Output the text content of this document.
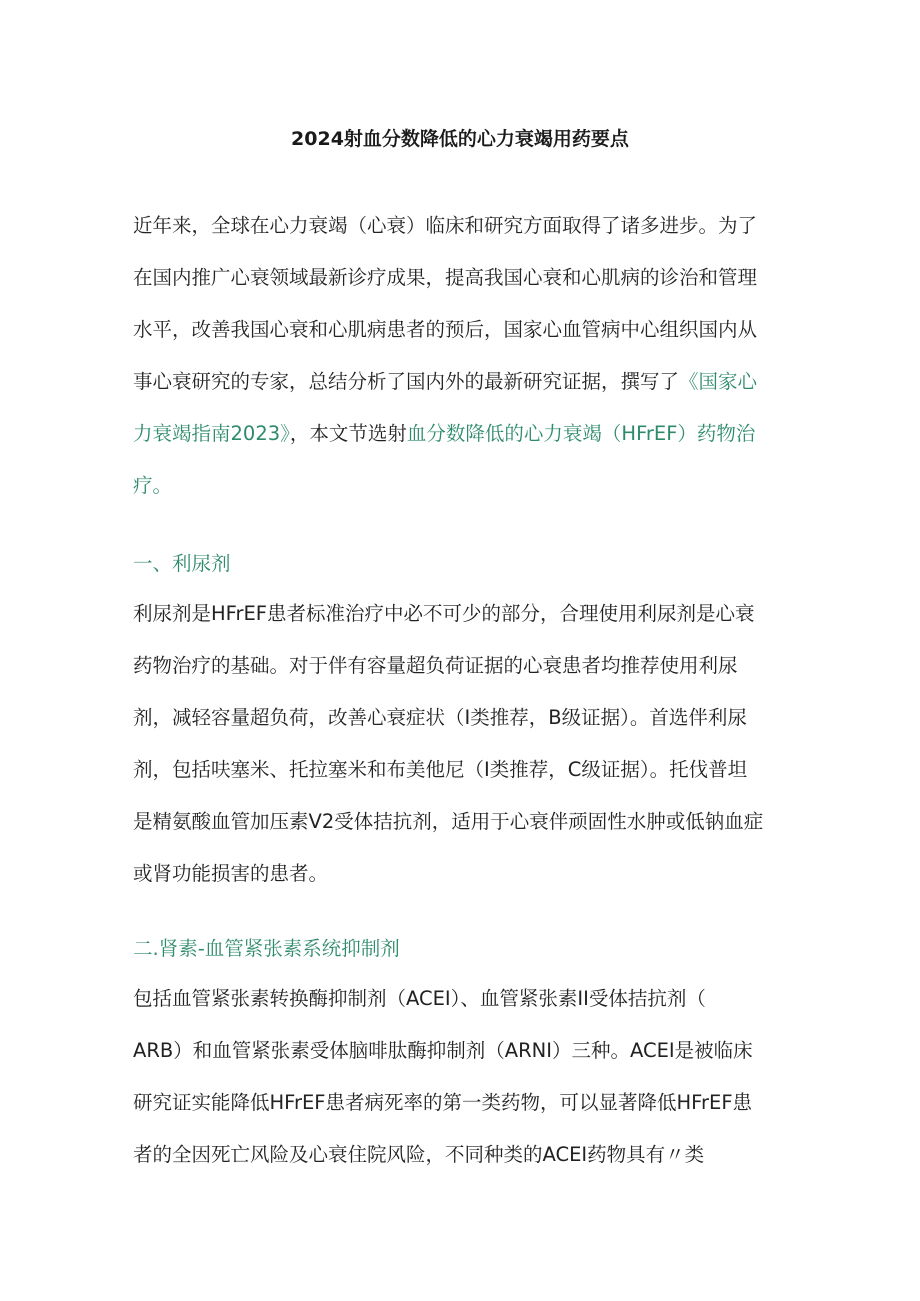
2024射血分数降低的心力衰竭用药要点
近年来，全球在心力衰竭（心衰）临床和研究方面取得了诸多进步。为了
在国内推广心衰领域最新诊疗成果，提高我国心衰和心肌病的诊治和管理
水平，改善我国心衰和心肌病患者的预后，国家心血管病中心组织国内从
事心衰研究的专家，总结分析了国内外的最新研究证据，撰写了《国家心
力衰竭指南2023》，本文节选射血分数降低的心力衰竭（HFrEF）药物治
疗。
一、利尿剂
利尿剂是HFrEF患者标准治疗中必不可少的部分，合理使用利尿剂是心衰
药物治疗的基础。对于伴有容量超负荷证据的心衰患者均推荐使用利尿
剂，减轻容量超负荷，改善心衰症状（I类推荐，B级证据）。首选伴利尿
剂，包括呋塞米、托拉塞米和布美他尼（I类推荐，C级证据）。托伐普坦
是精氨酸血管加压素V2受体拮抗剂，适用于心衰伴顽固性水肿或低钠血症
或肾功能损害的患者。
二.肾素-血管紧张素系统抑制剂
包括血管紧张素转换酶抑制剂（ACEI）、血管紧张素II受体拮抗剂（
ARB）和血管紧张素受体脑啡肽酶抑制剂（ARNI）三种。ACEI是被临床
研究证实能降低HFrEF患者病死率的第一类药物，可以显著降低HFrEF患
者的全因死亡风险及心衰住院风险，不同种类的ACEI药物具有〃类
